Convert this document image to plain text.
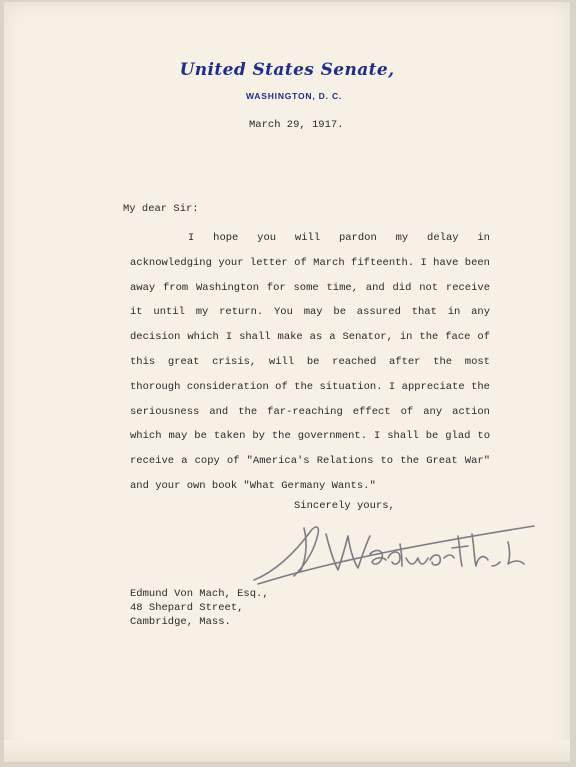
United States Senate,
WASHINGTON, D. C.
March 29, 1917.
My dear Sir:
I hope you will pardon my delay in acknowledging your letter of March fifteenth. I have been away from Washington for some time, and did not receive it until my return. You may be assured that in any decision which I shall make as a Senator, in the face of this great crisis, will be reached after the most thorough consideration of the situation. I appreciate the seriousness and the far-reaching effect of any action which may be taken by the government. I shall be glad to receive a copy of "America's Relations to the Great War" and your own book "What Germany Wants."
Sincerely yours,
Edmund Von Mach, Esq.,
48 Shepard Street,
Cambridge, Mass.
